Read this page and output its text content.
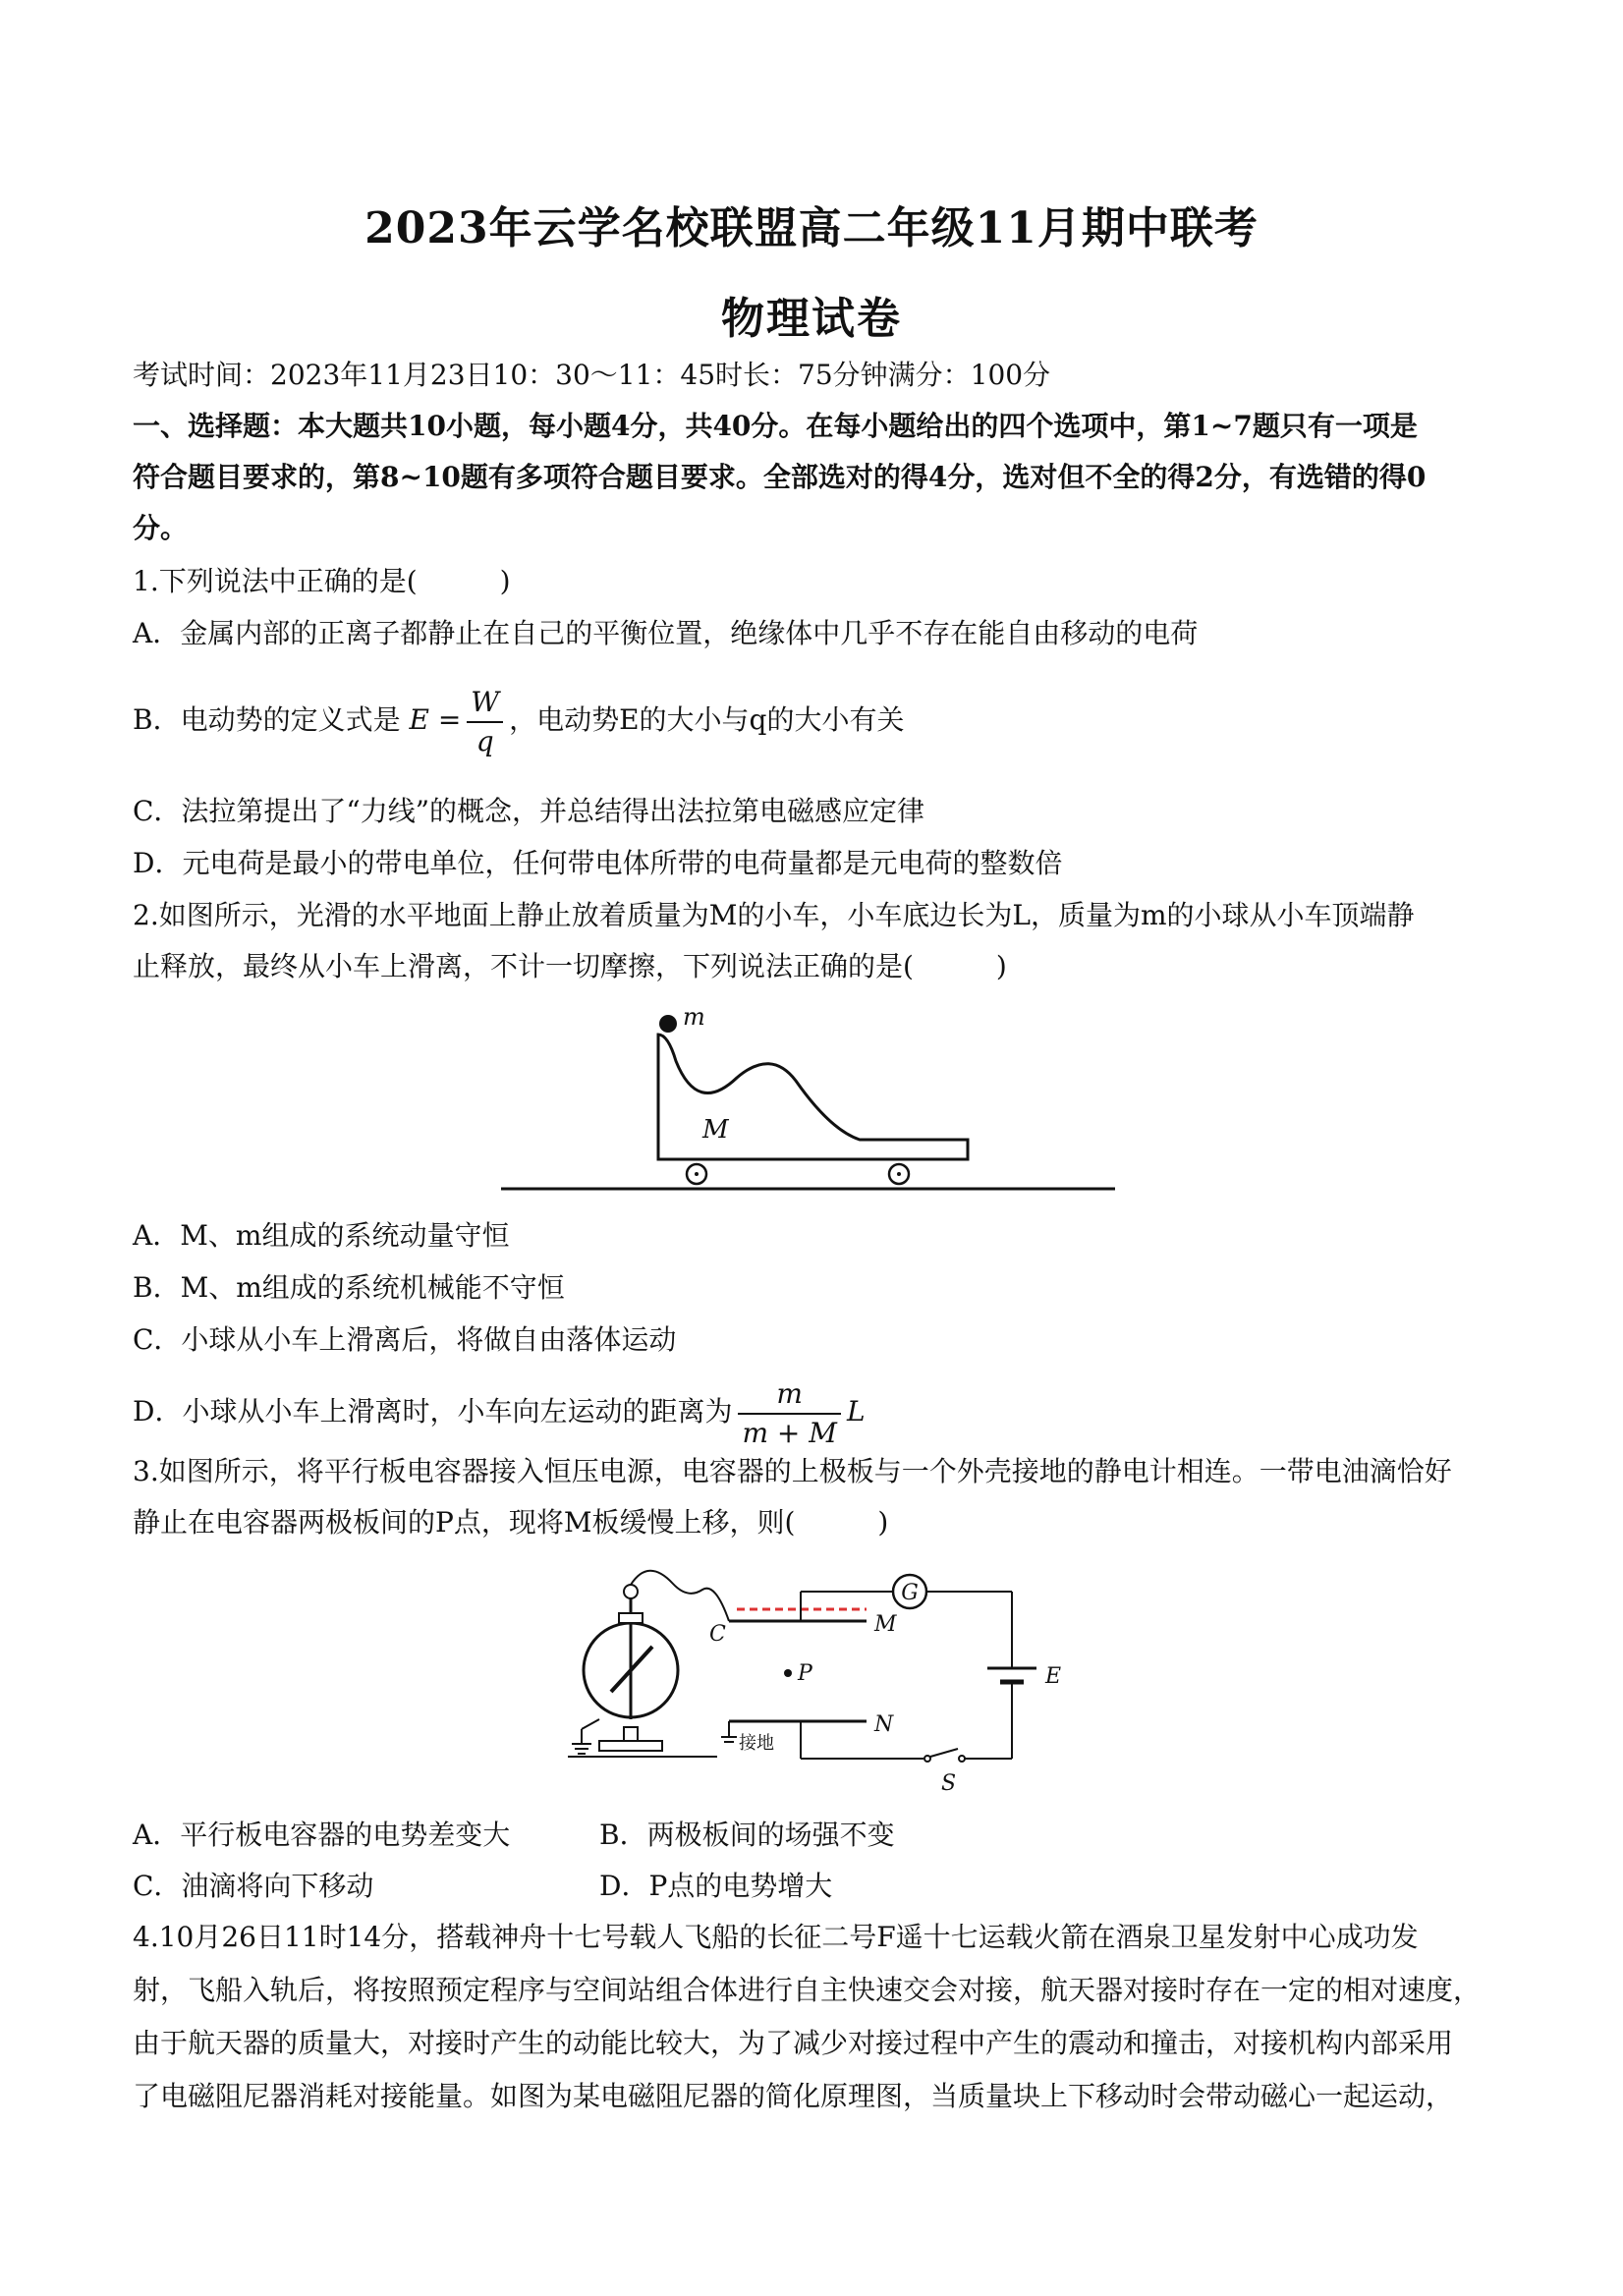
2023年云学名校联盟高二年级11月期中联考
物理试卷
考试时间：2023年11月23日10：30～11：45时长：75分钟满分：100分
一、选择题：本大题共10小题，每小题4分，共40分。在每小题给出的四个选项中，第1~7题只有一项是
符合题目要求的，第8~10题有多项符合题目要求。全部选对的得4分，选对但不全的得2分，有选错的得0
分。
1.下列说法中正确的是(　　　)
A．金属内部的正离子都静止在自己的平衡位置，绝缘体中几乎不存在能自由移动的电荷
B．电动势的定义式是 $E = \frac{W}{q}$ ，电动势E的大小与q的大小有关
C．法拉第提出了“力线”的概念，并总结得出法拉第电磁感应定律
D．元电荷是最小的带电单位，任何带电体所带的电荷量都是元电荷的整数倍
2.如图所示，光滑的水平地面上静止放着质量为M的小车，小车底边长为L，质量为m的小球从小车顶端静
止释放，最终从小车上滑离，不计一切摩擦，下列说法正确的是(　　　)
m
M
A．M、m组成的系统动量守恒
B．M、m组成的系统机械能不守恒
C．小球从小车上滑离后，将做自由落体运动
D．小球从小车上滑离时，小车向左运动的距离为 $\frac{m}{m + M}$ L
3.如图所示，将平行板电容器接入恒压电源，电容器的上极板与一个外壳接地的静电计相连。一带电油滴恰好
静止在电容器两极板间的P点，现将M板缓慢上移，则(　　　)
G
E
S
接地
C	M
N
P
A．平行板电容器的电势差变大	B．两极板间的场强不变
C．油滴将向下移动	D．P点的电势增大
4.10月26日11时14分，搭载神舟十七号载人飞船的长征二号F遥十七运载火箭在酒泉卫星发射中心成功发
射，飞船入轨后，将按照预定程序与空间站组合体进行自主快速交会对接，航天器对接时存在一定的相对速度，
由于航天器的质量大，对接时产生的动能比较大，为了减少对接过程中产生的震动和撞击，对接机构内部采用
了电磁阻尼器消耗对接能量。如图为某电磁阻尼器的简化原理图，当质量块上下移动时会带动磁心一起运动，
